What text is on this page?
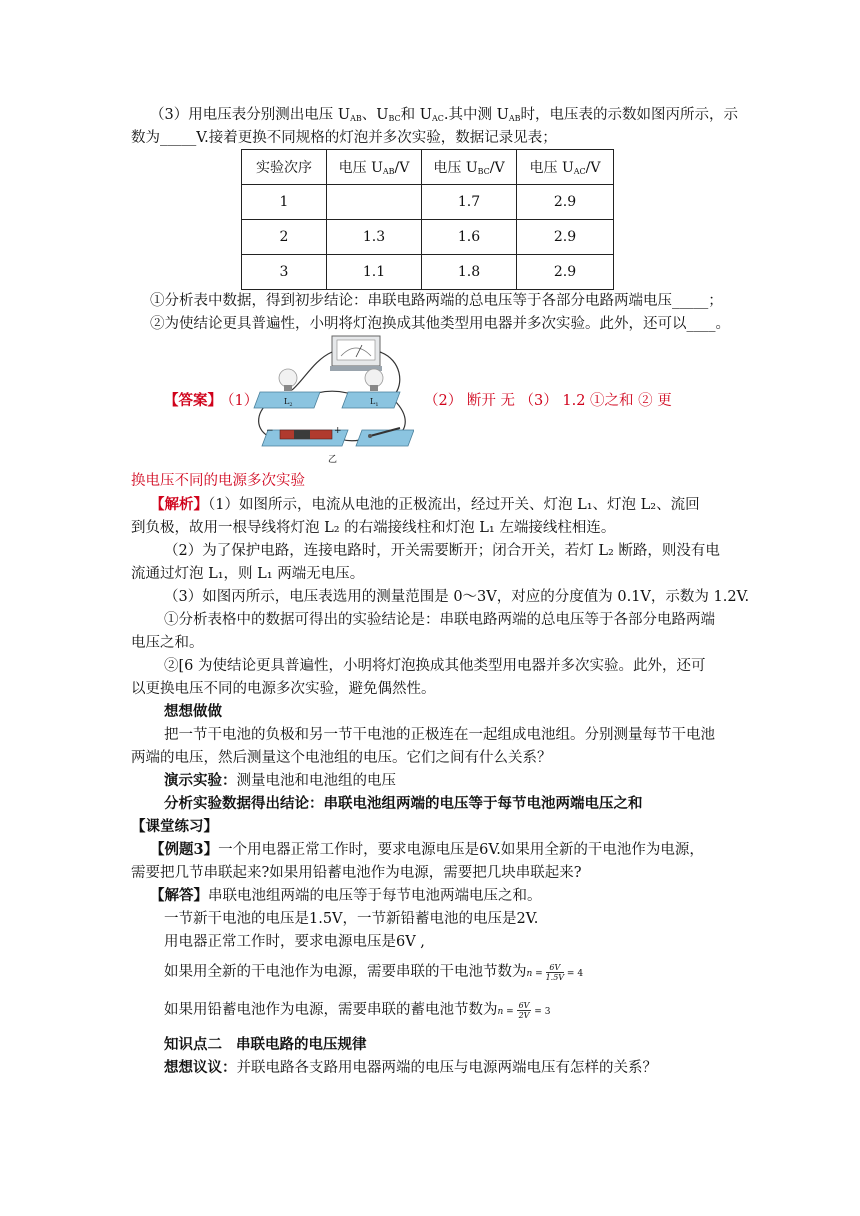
（3）用电压表分别测出电压 $U_{AB}$、$U_{BC}$和 $U_{AC}$.其中测 $U_{AB}$时，电压表的示数如图丙所示，示
数为_____V.接着更换不同规格的灯泡并多次实验，数据记录见表；
实验次序	电压 $U_{AB}/V$	电压 $U_{BC}/V$	电压 $U_{AC}/V$
1		1.7	2.9
2	1.3	1.6	2.9
3	1.1	1.8	2.9
①分析表中数据，得到初步结论：串联电路两端的总电压等于各部分电路两端电压_____；
②为使结论更具普遍性，小明将灯泡换成其他类型用电器并多次实验。此外，还可以____。
$L_2$	$L_1$
−	+
乙
【答案】
（1）	（2） 断开 无 （3） 1.2 ①之和 ② 更
换电压不同的电源多次实验
【解析】（1）如图所示，电流从电池的正极流出，经过开关、灯泡 L₁、灯泡 L₂、流回
到负极，故用一根导线将灯泡 L₂ 的右端接线柱和灯泡 L₁ 左端接线柱相连。
（2）为了保护电路，连接电路时，开关需要断开；闭合开关，若灯 L₂ 断路，则没有电
流通过灯泡 L₁，则 L₁ 两端无电压。
（3）如图丙所示，电压表选用的测量范围是 0～3V，对应的分度值为 0.1V，示数为 1.2V.
①分析表格中的数据可得出的实验结论是：串联电路两端的总电压等于各部分电路两端
电压之和。
②[6 为使结论更具普遍性，小明将灯泡换成其他类型用电器并多次实验。此外，还可
以更换电压不同的电源多次实验，避免偶然性。
想想做做
把一节干电池的负极和另一节干电池的正极连在一起组成电池组。分别测量每节干电池
两端的电压，然后测量这个电池组的电压。它们之间有什么关系？
演示实验：测量电池和电池组的电压
分析实验数据得出结论：串联电池组两端的电压等于每节电池两端电压之和
【课堂练习】
【例题3】一个用电器正常工作时，要求电源电压是6V.如果用全新的干电池作为电源，
需要把几节串联起来?如果用铅蓄电池作为电源，需要把几块串联起来?
【解答】串联电池组两端的电压等于每节电池两端电压之和。
一节新干电池的电压是1.5V，一节新铅蓄电池的电压是2V.
用电器正常工作时，要求电源电压是6V ,
如果用全新的干电池作为电源，需要串联的干电池节数为$n = \frac{6V}{1.5V} = 4$
如果用铅蓄电池作为电源，需要串联的蓄电池节数为$n = \frac{6V}{2V} = 3$
知识点二 串联电路的电压规律
想想议议：并联电路各支路用电器两端的电压与电源两端电压有怎样的关系？
